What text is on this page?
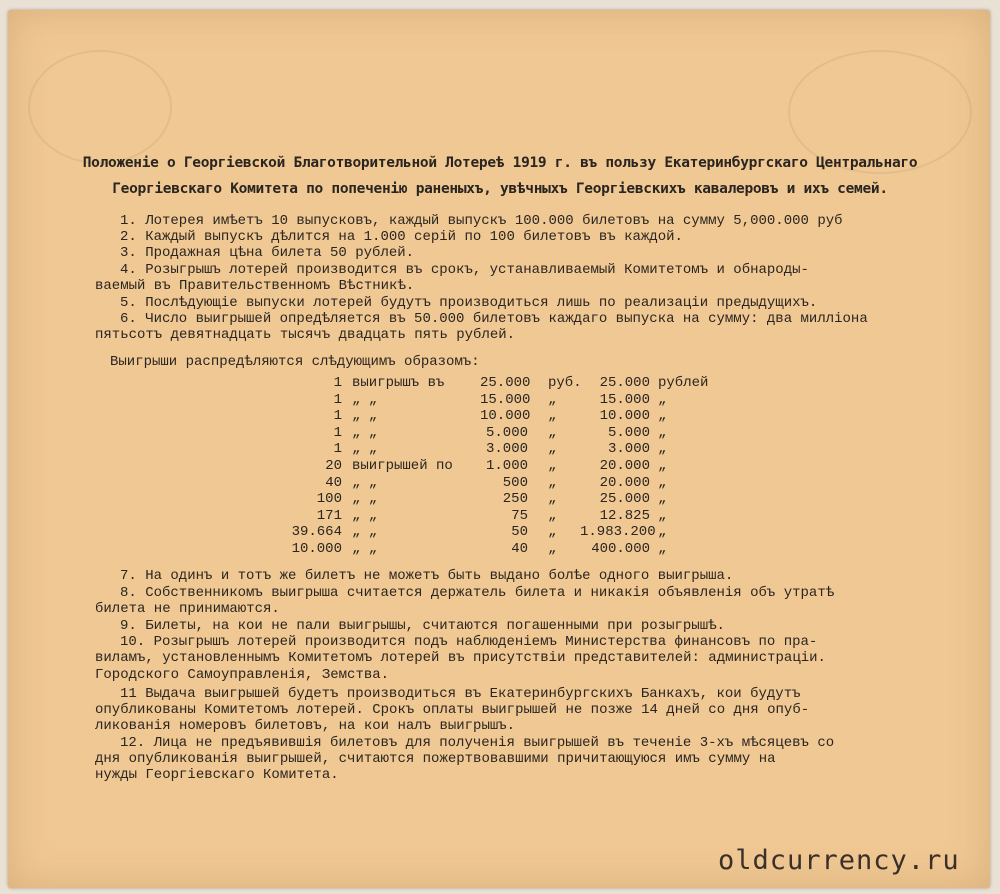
Положенie о Георгiевской Благотворительной Лотереѣ 1919 г. въ пользу Екатеринбургскаго Центральнаго
Георгiевскаго Комитета по попеченiю раненыхъ, увѣчныхъ Георгiевскихъ кавалеровъ и ихъ семей.
1. Лотерея имѣетъ 10 выпусковъ, каждый выпускъ 100.000 билетовъ на сумму 5,000.000 руб
2. Каждый выпускъ дѣлится на 1.000 серiй по 100 билетовъ въ каждой.
3. Продажная цѣна билета 50 рублей.
4. Розыгрышъ лотерей производится въ срокъ, устанавливаемый Комитетомъ и обнароды-
ваемый въ Правительственномъ Вѣстникѣ.
5. Послѣдующiе выпуски лотерей будутъ производиться лишь по реализацiи предыдущихъ.
6. Число выигрышей опредѣляется въ 50.000 билетовъ каждаго выпуска на сумму: два миллiона
пятьсотъ девятнадцать тысячъ двадцать пять рублей.
Выигрыши распредѣляются слѣдующимъ образомъ:
1 выигрышъ въ	25.000 руб.	25.000 рублей
1 „ „	15.000 „	15.000 „
1 „ „	10.000 „	10.000 „
1 „ „	5.000 „	5.000 „
1 „ „	3.000 „	3.000 „
20 выигрышей по	1.000 „	20.000 „
40 „ „	500 „	20.000 „
100 „ „	250 „	25.000 „
171 „ „	75 „	12.825 „
39.664 „ „	50 „ 1.983.200 „
10.000 „ „	40 „	400.000 „
7. На одинъ и тотъ же билетъ не можетъ быть выдано болѣе одного выигрыша.
8. Собственникомъ выигрыша считается держатель билета и никакiя объявленiя объ утратѣ
билета не принимаются.
9. Билеты, на кои не пали выигрышы, считаются погашенными при розыгрышѣ.
10. Розыгрышъ лотерей производится подъ наблюденiемъ Министерства финансовъ по пра-
виламъ, установленнымъ Комитетомъ лотерей въ присутствiи представителей: администрацiи.
Городского Самоуправленiя, Земства.
11 Выдача выигрышей будетъ производиться въ Екатеринбургскихъ Банкахъ, кои будутъ
опубликованы Комитетомъ лотерей. Срокъ оплаты выигрышей не позже 14 дней со дня опуб-
ликованiя номеровъ билетовъ, на кои налъ выигрышъ.
12. Лица не предъявившiя билетовъ для полученiя выигрышей въ теченiе 3-хъ мѣсяцевъ со
дня опубликованiя выигрышей, считаются пожертвовавшими причитающуюся имъ сумму на
нужды Георгiевскаго Комитета.
oldcurrency.ru
